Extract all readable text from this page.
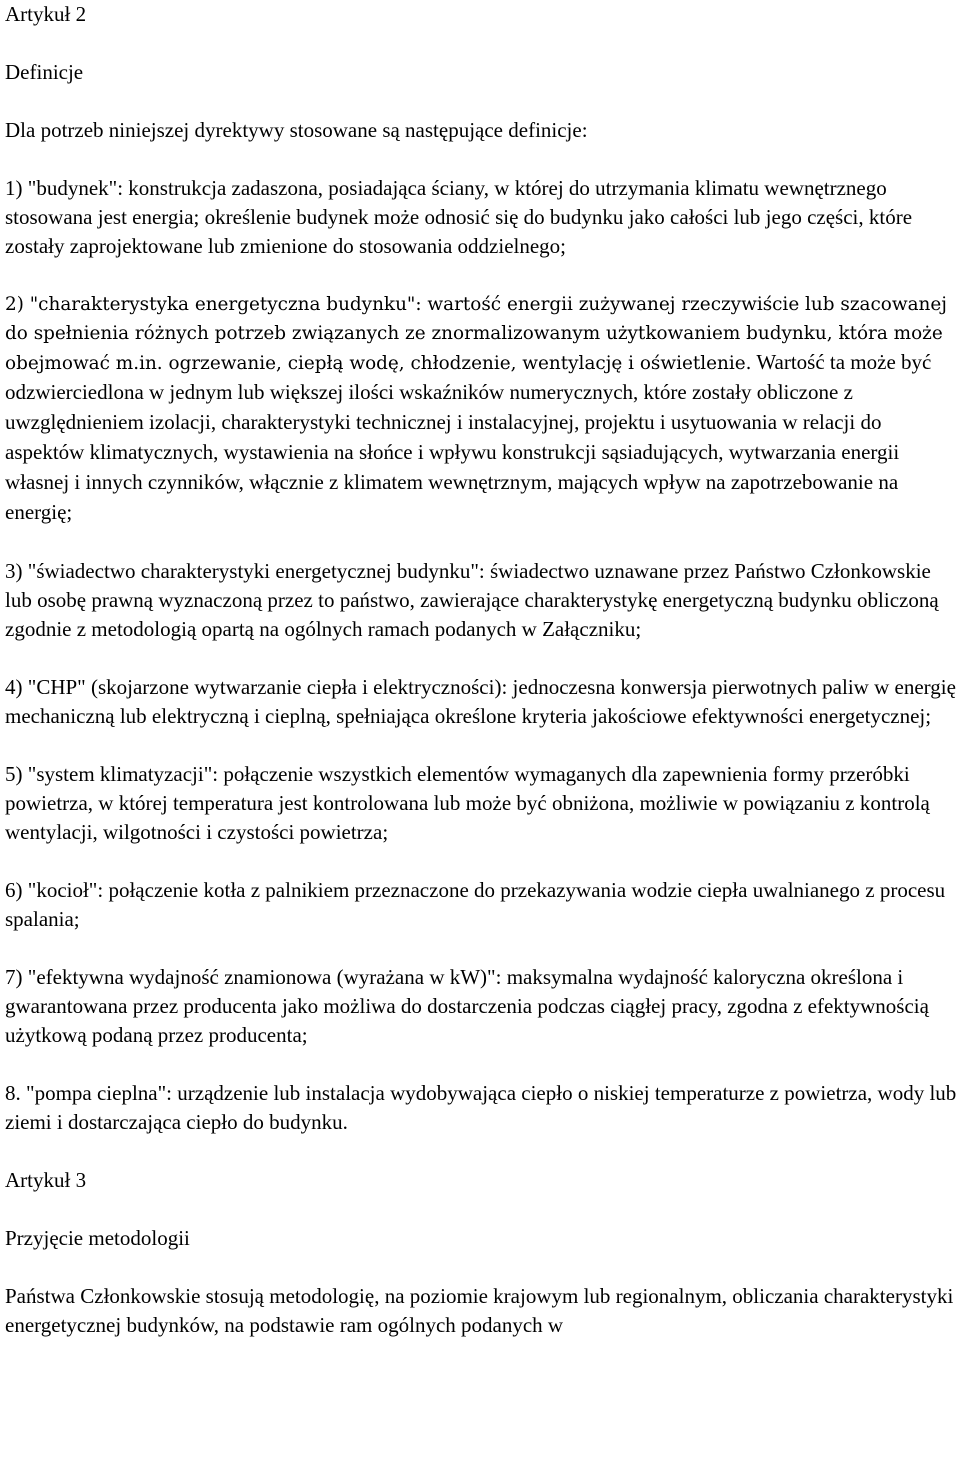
Artykuł 2
Definicje

Dla potrzeb niniejszej dyrektywy stosowane są następujące definicje:

1) "budynek": konstrukcja zadaszona, posiadająca ściany, w której do utrzymania klimatu wewnętrznego stosowana jest energia; określenie budynek może odnosić się do budynku jako całości lub jego części, które zostały zaprojektowane lub zmienione do stosowania oddzielnego;

2) "charakterystyka energetyczna budynku": wartość energii zużywanej rzeczywiście lub szacowanej do spełnienia różnych potrzeb związanych ze znormalizowanym użytkowaniem budynku, która może obejmować m.in. ogrzewanie, ciepłą wodę, chłodzenie, wentylację i oświetlenie. Wartość ta może być odzwierciedlona w jednym lub większej ilości wskaźników numerycznych, które zostały obliczone z uwzględnieniem izolacji, charakterystyki technicznej i instalacyjnej, projektu i usytuowania w relacji do aspektów klimatycznych, wystawienia na słońce i wpływu konstrukcji sąsiadujących, wytwarzania energii własnej i innych czynników, włącznie z klimatem wewnętrznym, mających wpływ na zapotrzebowanie na energię;

3) "świadectwo charakterystyki energetycznej budynku": świadectwo uznawane przez Państwo Członkowskie lub osobę prawną wyznaczoną przez to państwo, zawierające charakterystykę energetyczną budynku obliczoną zgodnie z metodologią opartą na ogólnych ramach podanych w Załączniku;

4) "CHP" (skojarzone wytwarzanie ciepła i elektryczności): jednoczesna konwersja pierwotnych paliw w energię mechaniczną lub elektryczną i cieplną, spełniająca określone kryteria jakościowe efektywności energetycznej;

5) "system klimatyzacji": połączenie wszystkich elementów wymaganych dla zapewnienia formy przeróbki powietrza, w której temperatura jest kontrolowana lub może być obniżona, możliwie w powiązaniu z kontrolą wentylacji, wilgotności i czystości powietrza;

6) "kocioł": połączenie kotła z palnikiem przeznaczone do przekazywania wodzie ciepła uwalnianego z procesu spalania;

7) "efektywna wydajność znamionowa (wyrażana w kW)": maksymalna wydajność kaloryczna określona i gwarantowana przez producenta jako możliwa do dostarczenia podczas ciągłej pracy, zgodna z efektywnością użytkową podaną przez producenta;

8. "pompa cieplna": urządzenie lub instalacja wydobywająca ciepło o niskiej temperaturze z powietrza, wody lub ziemi i dostarczająca ciepło do budynku.

Artykuł 3
Przyjęcie metodologii

Państwa Członkowskie stosują metodologię, na poziomie krajowym lub regionalnym, obliczania charakterystyki energetycznej budynków, na podstawie ram ogólnych podanych w
